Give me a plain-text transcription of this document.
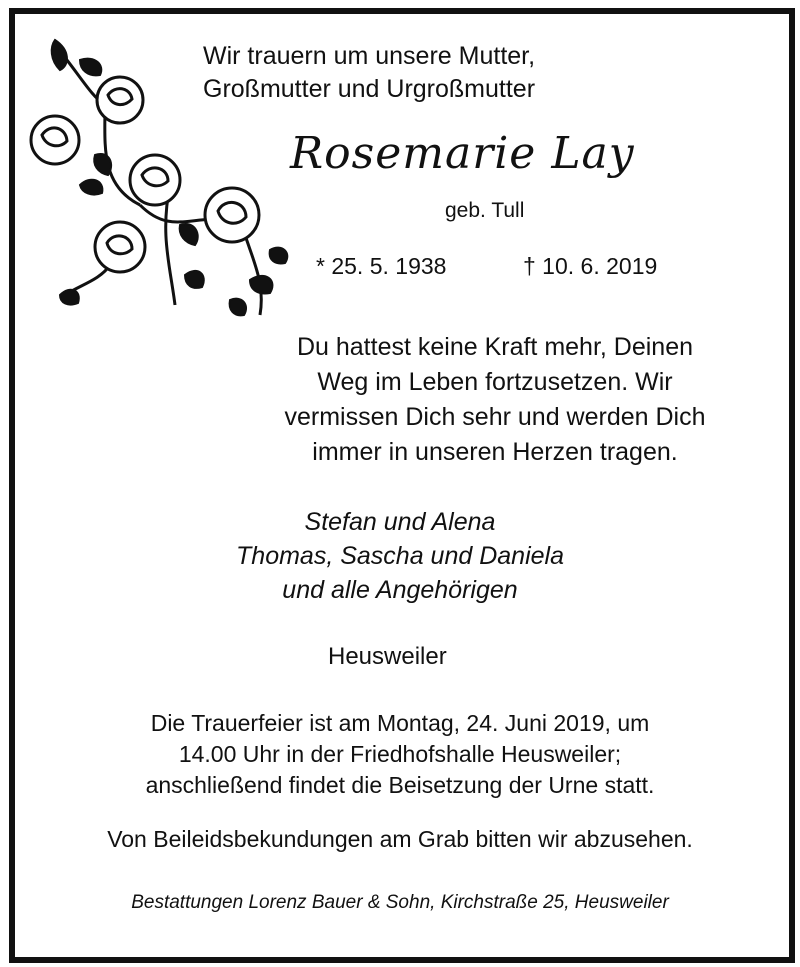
Wir trauern um unsere Mutter,
Großmutter und Urgroßmutter
Rosemarie Lay
geb. Tull
* 25. 5. 1938	† 10. 6. 2019
Du hattest keine Kraft mehr, Deinen
Weg im Leben fortzusetzen. Wir
vermissen Dich sehr und werden Dich
immer in unseren Herzen tragen.
Stefan und Alena
Thomas, Sascha und Daniela
und alle Angehörigen
Heusweiler
Die Trauerfeier ist am Montag, 24. Juni 2019, um
14.00 Uhr in der Friedhofshalle Heusweiler;
anschließend findet die Beisetzung der Urne statt.
Von Beileidsbekundungen am Grab bitten wir abzusehen.
Bestattungen Lorenz Bauer & Sohn, Kirchstraße 25, Heusweiler
